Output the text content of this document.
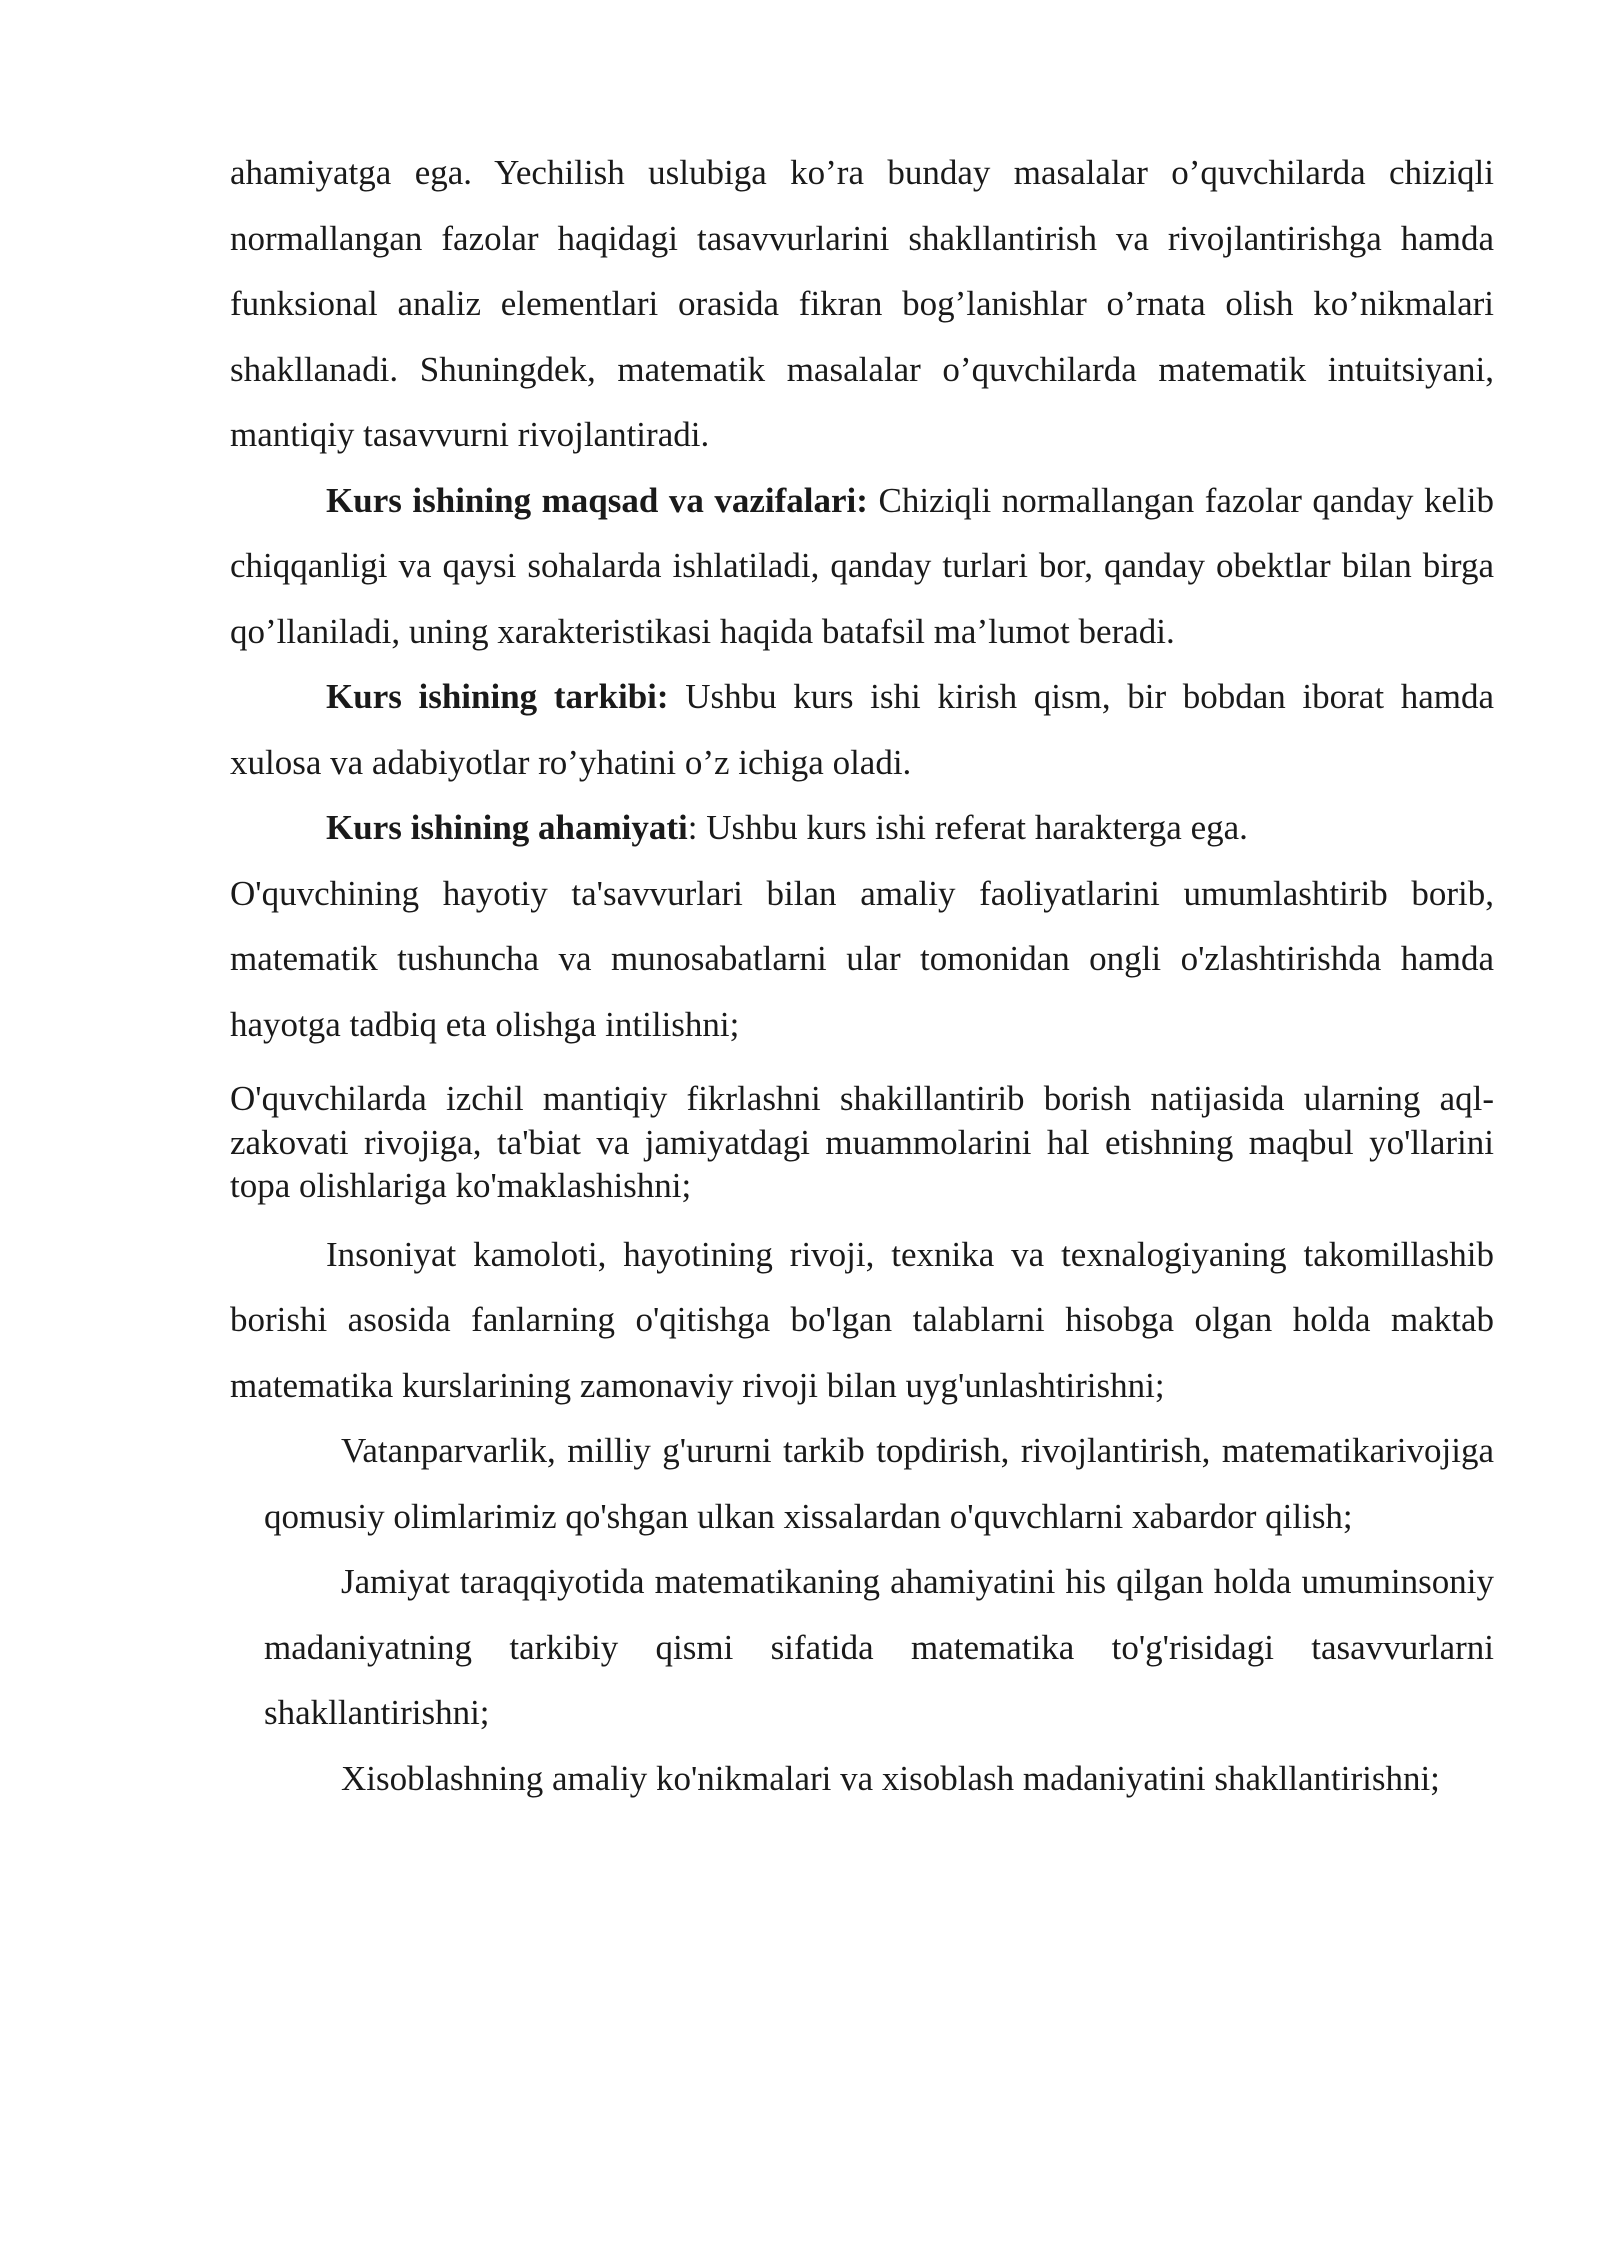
ahamiyatga ega. Yechilish uslubiga ko’ra bunday masalalar o’quvchilarda chiziqli normallangan fazolar haqidagi tasavvurlarini shakllantirish va rivojlantirishga hamda funksional analiz elementlari orasida fikran bog’lanishlar o’rnata olish ko’nikmalari shakllanadi. Shuningdek, matematik masalalar o’quvchilarda matematik intuitsiyani, mantiqiy tasavvurni rivojlantiradi.

Kurs ishining maqsad va vazifalari: Chiziqli normallangan fazolar qanday kelib chiqqanligi va qaysi sohalarda ishlatiladi, qanday turlari bor, qanday obektlar bilan birga qo’llaniladi, uning xarakteristikasi haqida batafsil ma’lumot beradi.

Kurs ishining tarkibi: Ushbu kurs ishi kirish qism, bir bobdan iborat hamda xulosa va adabiyotlar ro’yhatini o’z ichiga oladi.

Kurs ishining ahamiyati: Ushbu kurs ishi referat harakterga ega.

O'quvchining hayotiy ta'savvurlari bilan amaliy faoliyatlarini umumlashtirib borib, matematik tushuncha va munosabatlarni ular tomonidan ongli o'zlashtirishda hamda hayotga tadbiq eta olishga intilishni;

O'quvchilarda izchil mantiqiy fikrlashni shakillantirib borish natijasida ularning aql-zakovati rivojiga, ta'biat va jamiyatdagi muammolarini hal etishning maqbul yo'llarini topa olishlariga ko'maklashishni;

Insoniyat kamoloti, hayotining rivoji, texnika va texnalogiyaning takomillashib borishi asosida fanlarning o'qitishga bo'lgan talablarni hisobga olgan holda maktab matematika kurslarining zamonaviy rivoji bilan uyg'unlashtirishni;

Vatanparvarlik, milliy g'ururni tarkib topdirish, rivojlantirish, matematikarivojiga qomusiy olimlarimiz qo'shgan ulkan xissalardan o'quvchlarni xabardor qilish;

Jamiyat taraqqiyotida matematikaning ahamiyatini his qilgan holda umuminsoniy madaniyatning tarkibiy qismi sifatida matematika to'g'risidagi tasavvurlarni shakllantirishni;

Xisoblashning amaliy ko'nikmalari va xisoblash madaniyatini shakllantirishni;
